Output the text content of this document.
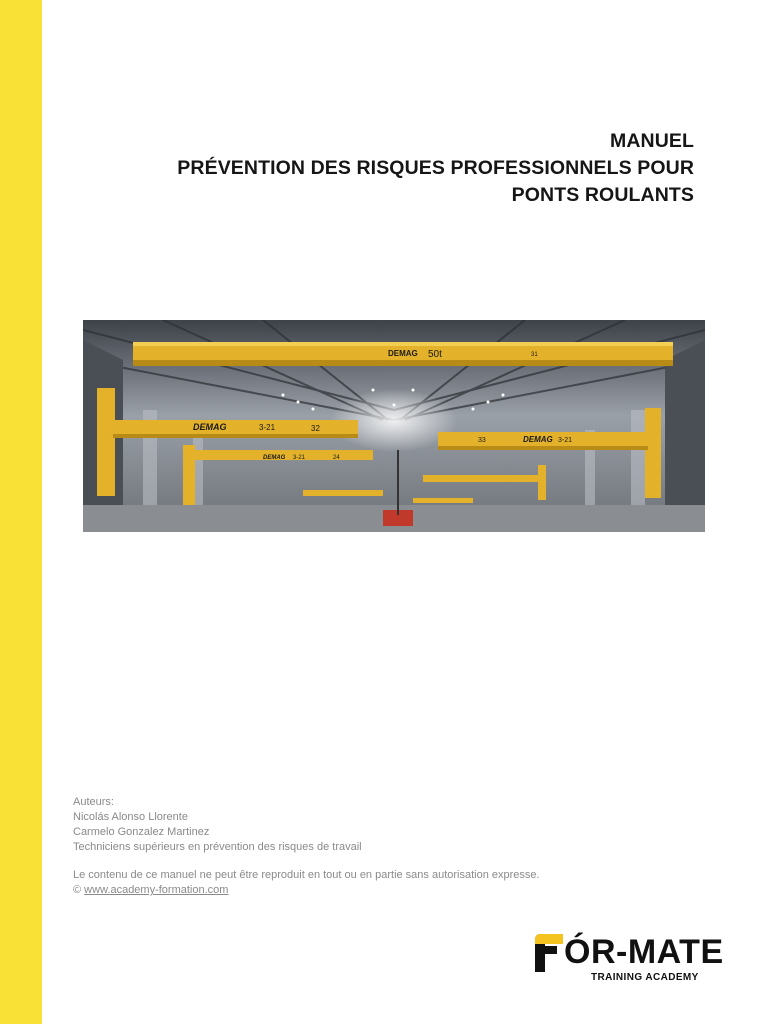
MANUEL
PRÉVENTION DES RISQUES PROFESSIONNELS POUR
PONTS ROULANTS
DEMAG 50t	31
DEMAG	3-21	32
DEMAG 3-21	24
33	DEMAG 3-21
Auteurs:
Nicolás Alonso Llorente
Carmelo Gonzalez Martinez
Techniciens supérieurs en prévention des risques de travail
Le contenu de ce manuel ne peut être reproduit en tout ou en partie sans autorisation expresse.
© www.academy-formation.com
ÓR-MATE
TRAINING ACADEMY
